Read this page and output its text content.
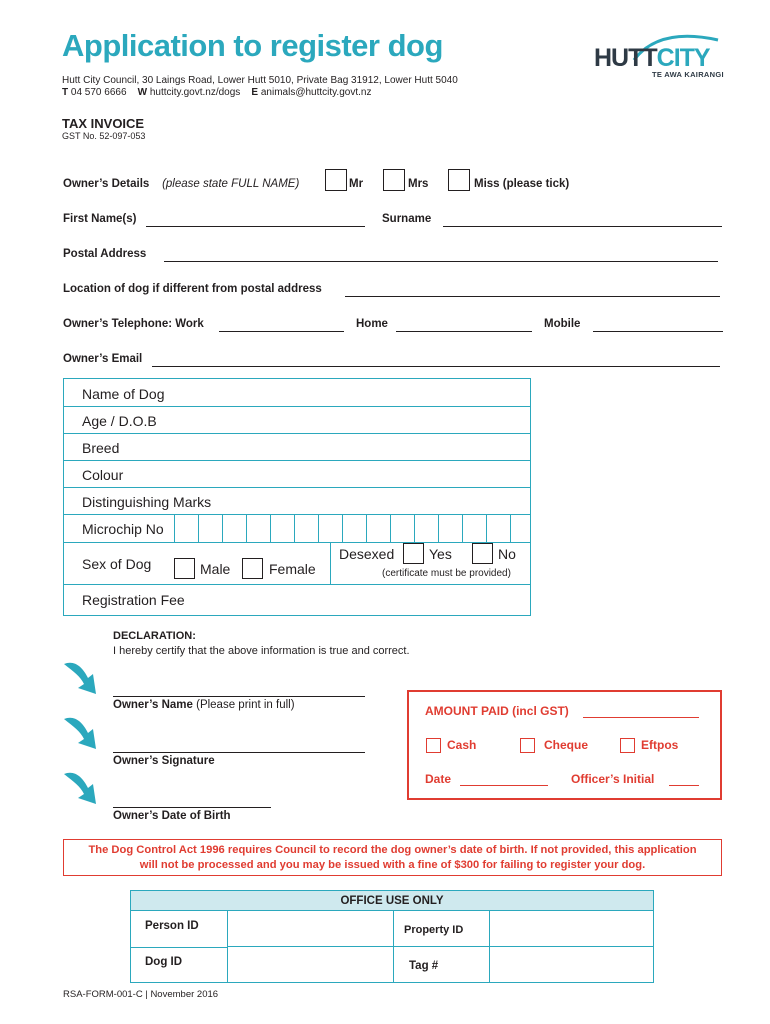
Application to register dog
Hutt City Council, 30 Laings Road, Lower Hutt 5010, Private Bag 31912, Lower Hutt 5040
T 04 570 6666 W huttcity.govt.nz/dogs E animals@huttcity.govt.nz
HUTTCITY
TE AWA KAIRANGI
TAX INVOICE
GST No. 52-097-053
Owner’s Details (please state FULL NAME)	Mr	Mrs	Miss (please tick)
First Name(s)	Surname
Postal Address
Location of dog if different from postal address
Owner’s Telephone: Work	Home	Mobile
Owner’s Email
Name of Dog
Age / D.O.B
Breed
Colour
Distinguishing Marks
Microchip No
Sex of Dog	Male	Female
Desexed Yes	No
(certificate must be provided)
Registration Fee
DECLARATION:
I hereby certify that the above information is true and correct.
Owner’s Name (Please print in full)
Owner’s Signature
Owner’s Date of Birth
AMOUNT PAID (incl GST)
Cash	Cheque	Eftpos
Date	Officer’s Initial
The Dog Control Act 1996 requires Council to record the dog owner’s date of birth. If not provided, this application
will not be processed and you may be issued with a fine of $300 for failing to register your dog.
OFFICE USE ONLY
Person ID	Property ID
Dog ID	Tag #
RSA-FORM-001-C | November 2016
